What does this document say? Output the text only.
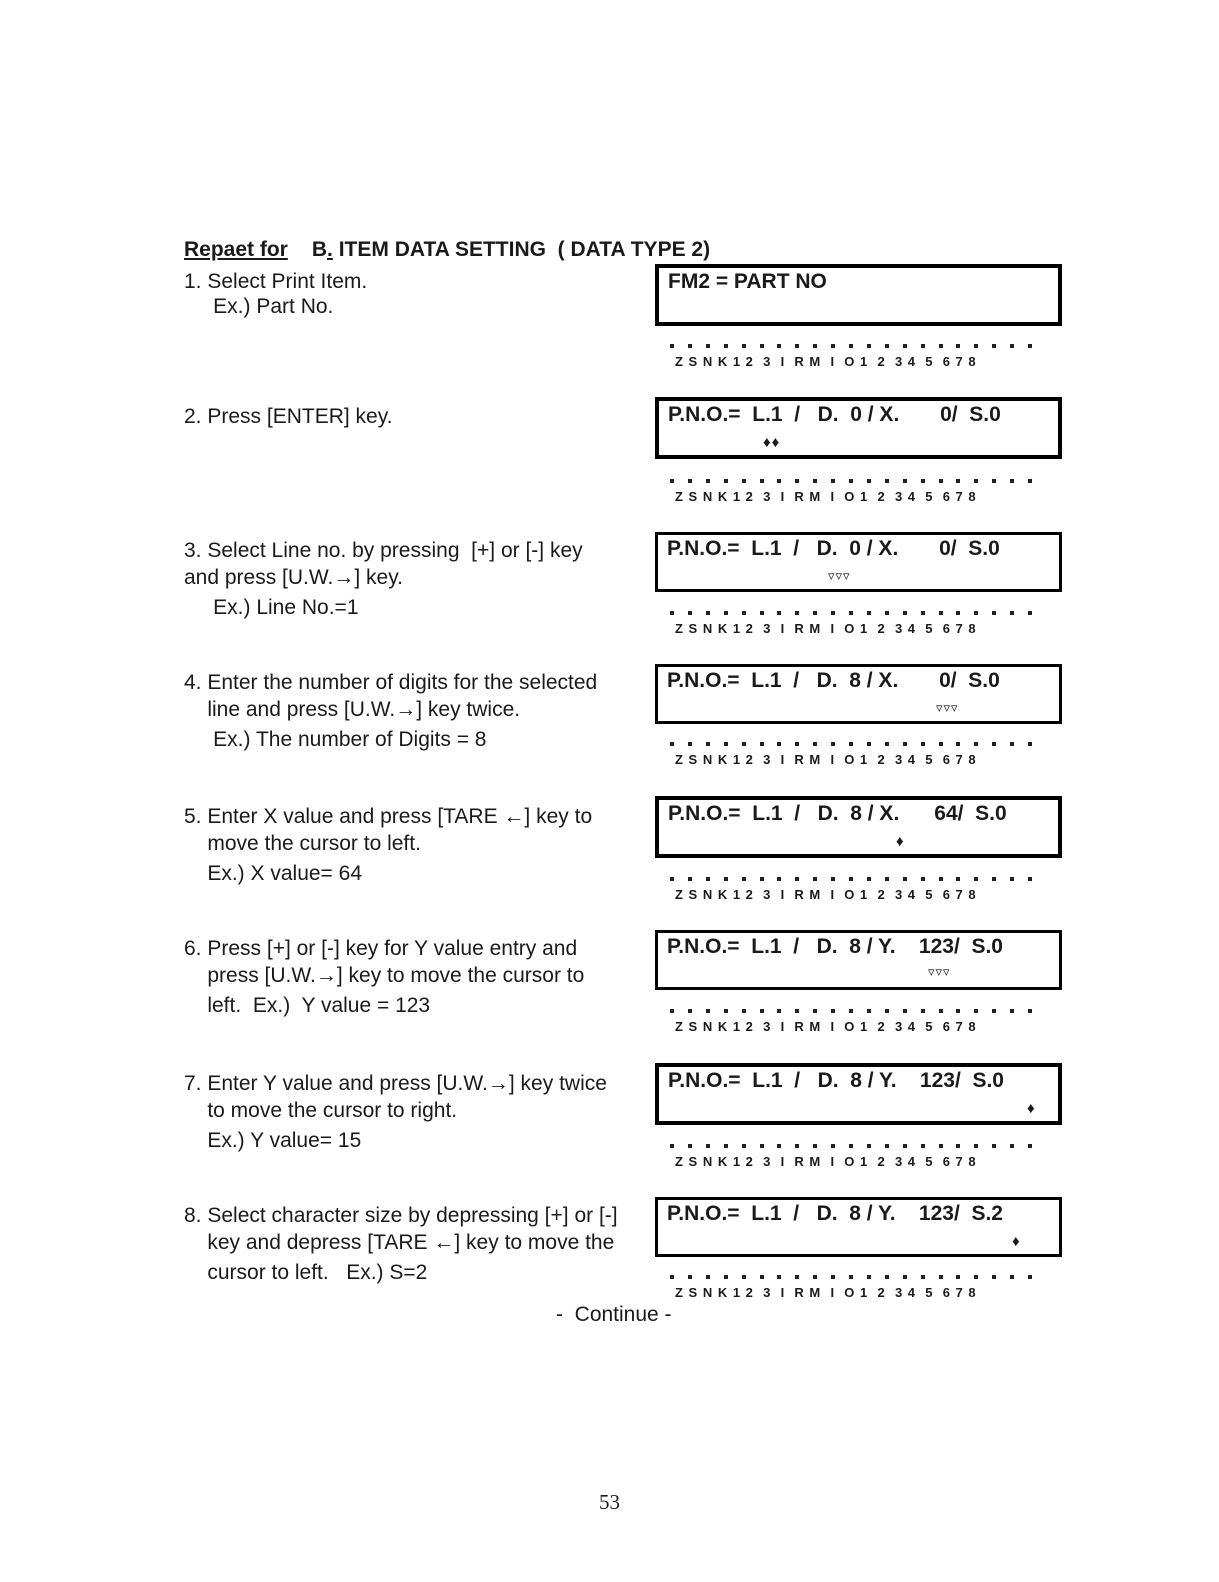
Repaet for B. ITEM DATA SETTING  ( DATA TYPE 2)
1. Select Print Item.
Ex.) Part No.
FM2 = PART NO
Z S N K 1 2  3  I  R M  I  O 1  2  3 4  5  6 7 8
2. Press [ENTER] key.	P.N.O.=  L.1  /   D.  0 / X.       0/  S.0
♦♦
Z S N K 1 2  3  I  R M  I  O 1  2  3 4  5  6 7 8
3. Select Line no. by pressing  [+] or [-] key
and press [U.W.→] key.
Ex.) Line No.=1
P.N.O.=  L.1  /   D.  0 / X.       0/  S.0
▿▿▿
Z S N K 1 2  3  I  R M  I  O 1  2  3 4  5  6 7 8
4. Enter the number of digits for the selected
line and press [U.W.→] key twice.
Ex.) The number of Digits = 8
P.N.O.=  L.1  /   D.  8 / X.       0/  S.0
▿▿▿
Z S N K 1 2  3  I  R M  I  O 1  2  3 4  5  6 7 8
5. Enter X value and press [TARE ←] key to
move the cursor to left.
Ex.) X value= 64
P.N.O.=  L.1  /   D.  8 / X.      64/  S.0
♦
Z S N K 1 2  3  I  R M  I  O 1  2  3 4  5  6 7 8
6. Press [+] or [-] key for Y value entry and
press [U.W.→] key to move the cursor to
left.  Ex.)  Y value = 123
P.N.O.=  L.1  /   D.  8 / Y.    123/  S.0
▿▿▿
Z S N K 1 2  3  I  R M  I  O 1  2  3 4  5  6 7 8
7. Enter Y value and press [U.W.→] key twice
to move the cursor to right.
Ex.) Y value= 15
P.N.O.=  L.1  /   D.  8 / Y.    123/  S.0
♦
Z S N K 1 2  3  I  R M  I  O 1  2  3 4  5  6 7 8
8. Select character size by depressing [+] or [-]
key and depress [TARE ←] key to move the
cursor to left.   Ex.) S=2
P.N.O.=  L.1  /   D.  8 / Y.    123/  S.2
♦
Z S N K 1 2  3  I  R M  I  O 1  2  3 4  5  6 7 8
-  Continue -
53
